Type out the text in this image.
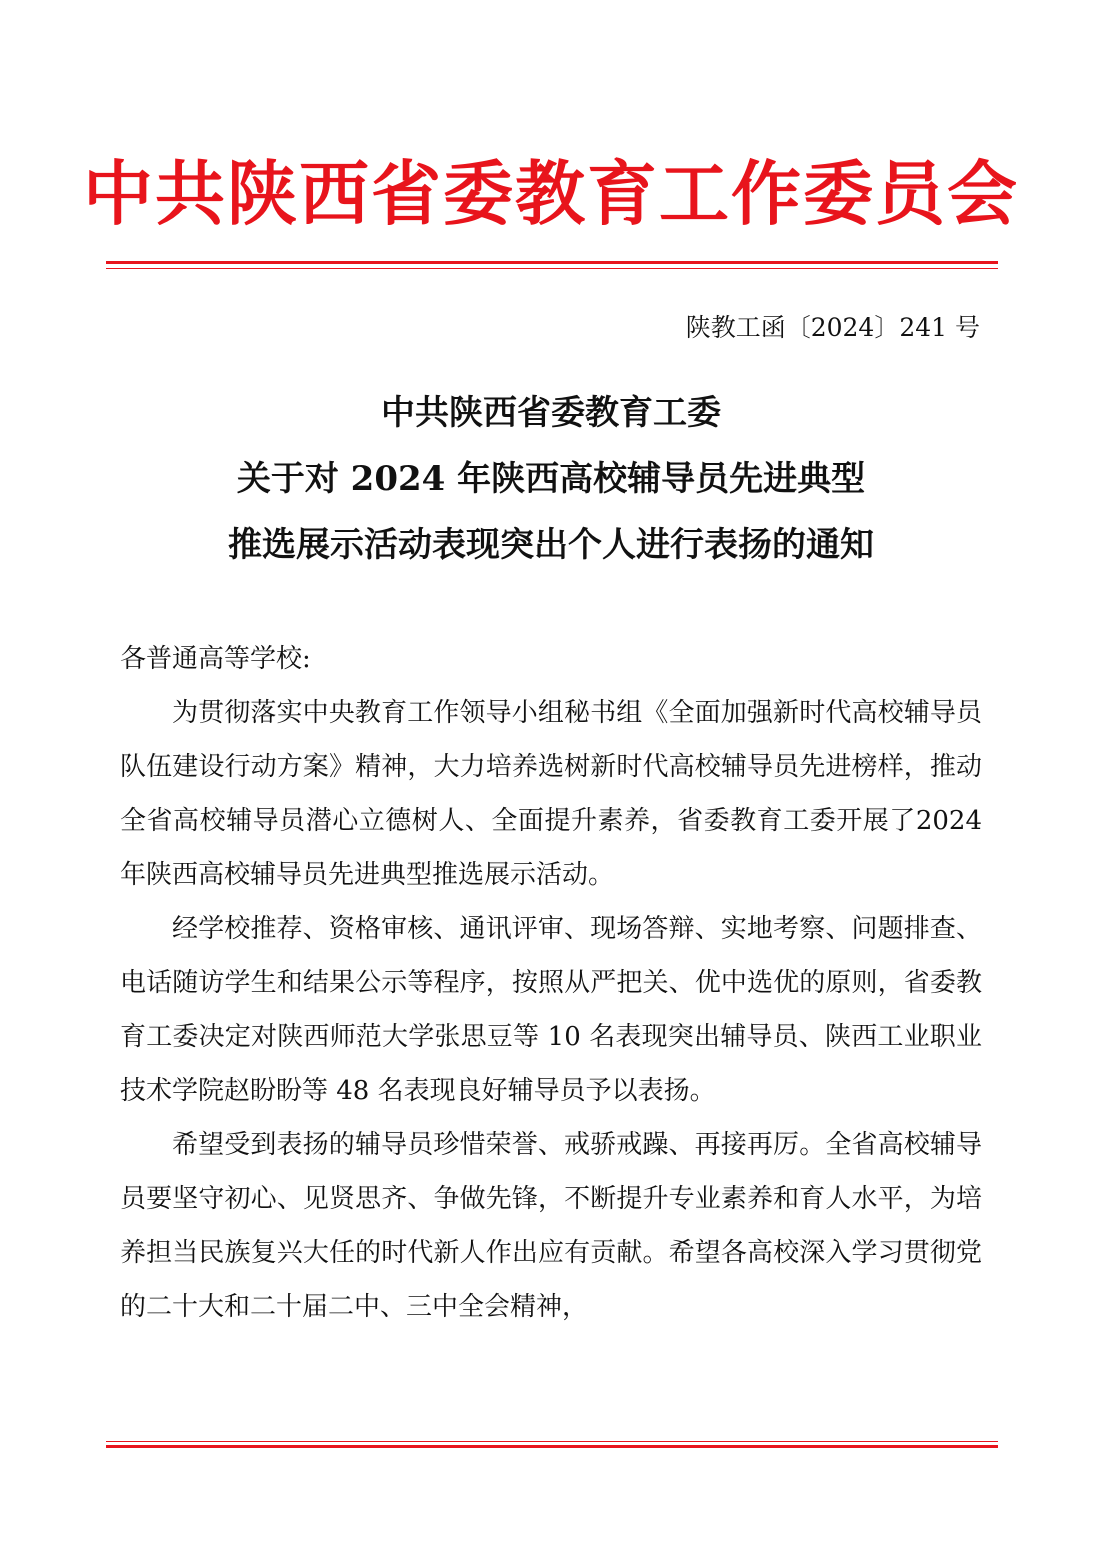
中共陕西省委教育工作委员会
陕教工函〔2024〕241 号
中共陕西省委教育工委
关于对 2024 年陕西高校辅导员先进典型
推选展示活动表现突出个人进行表扬的通知

各普通高等学校:

为贯彻落实中央教育工作领导小组秘书组《全面加强新时代高校辅导员队伍建设行动方案》精神，大力培养选树新时代高校辅导员先进榜样，推动全省高校辅导员潜心立德树人、全面提升素养，省委教育工委开展了2024年陕西高校辅导员先进典型推选展示活动。

经学校推荐、资格审核、通讯评审、现场答辩、实地考察、问题排查、电话随访学生和结果公示等程序，按照从严把关、优中选优的原则，省委教育工委决定对陕西师范大学张思豆等 10 名表现突出辅导员、陕西工业职业技术学院赵盼盼等 48 名表现良好辅导员予以表扬。

希望受到表扬的辅导员珍惜荣誉、戒骄戒躁、再接再厉。全省高校辅导员要坚守初心、见贤思齐、争做先锋，不断提升专业素养和育人水平，为培养担当民族复兴大任的时代新人作出应有贡献。希望各高校深入学习贯彻党的二十大和二十届二中、三中全会精神，
